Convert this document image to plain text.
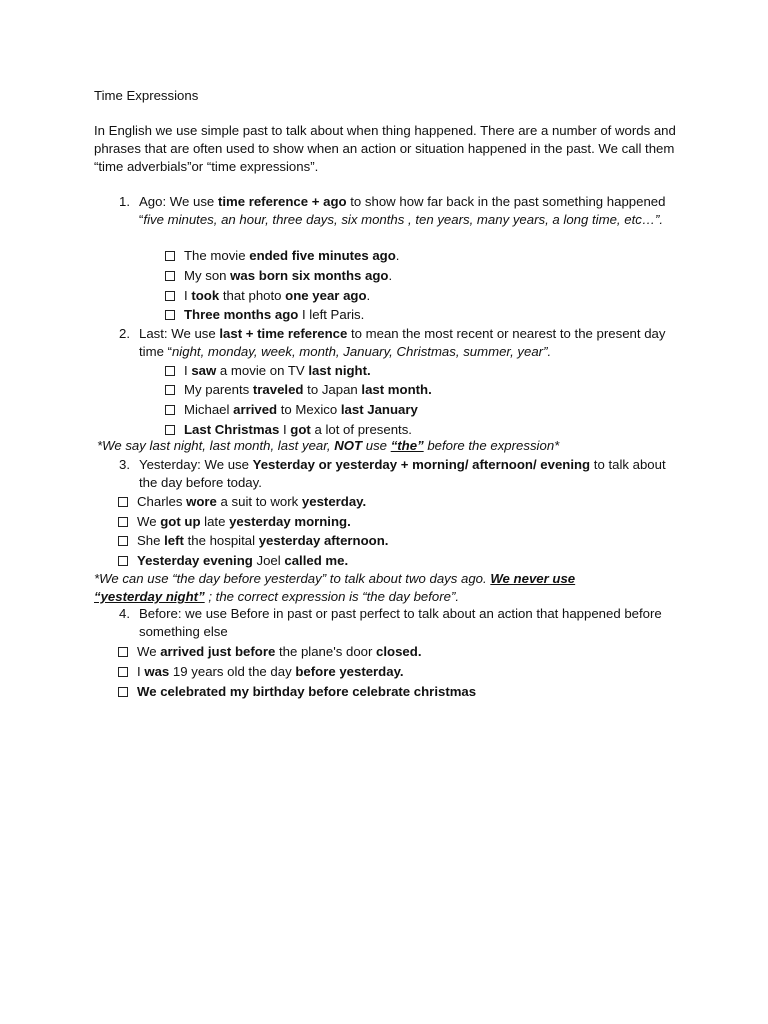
Time Expressions
In English we use simple past to talk about when thing happened. There are a number of words and phrases that are often used to show when an action or situation happened in the past. We call them “time adverbials”or “time expressions”.
1. Ago: We use time reference + ago to show how far back in the past something happened “five minutes, an hour, three days, six months , ten years, many years, a long time, etc…”.
The movie ended five minutes ago.
My son was born six months ago.
I took that photo one year ago.
Three months ago I left Paris.
2. Last: We use last + time reference to mean the most recent or nearest to the present day time “night, monday, week, month, January, Christmas, summer, year”.
I saw a movie on TV last night.
My parents traveled to Japan last month.
Michael arrived to Mexico last January
Last Christmas I got a lot of presents.
*We say last night, last month, last year, NOT use “the” before the expression*
3. Yesterday: We use Yesterday or yesterday + morning/ afternoon/ evening to talk about the day before today.
Charles wore a suit to work yesterday.
We got up late yesterday morning.
She left the hospital yesterday afternoon.
Yesterday evening Joel called me.
*We can use “the day before yesterday” to talk about two days ago. We never use “yesterday night” ; the correct expression is “the day before”.
4. Before: we use Before in past or past perfect to talk about an action that happened before something else
We arrived just before the plane's door closed.
I was 19 years old the day before yesterday.
We celebrated my birthday before celebrate christmas
